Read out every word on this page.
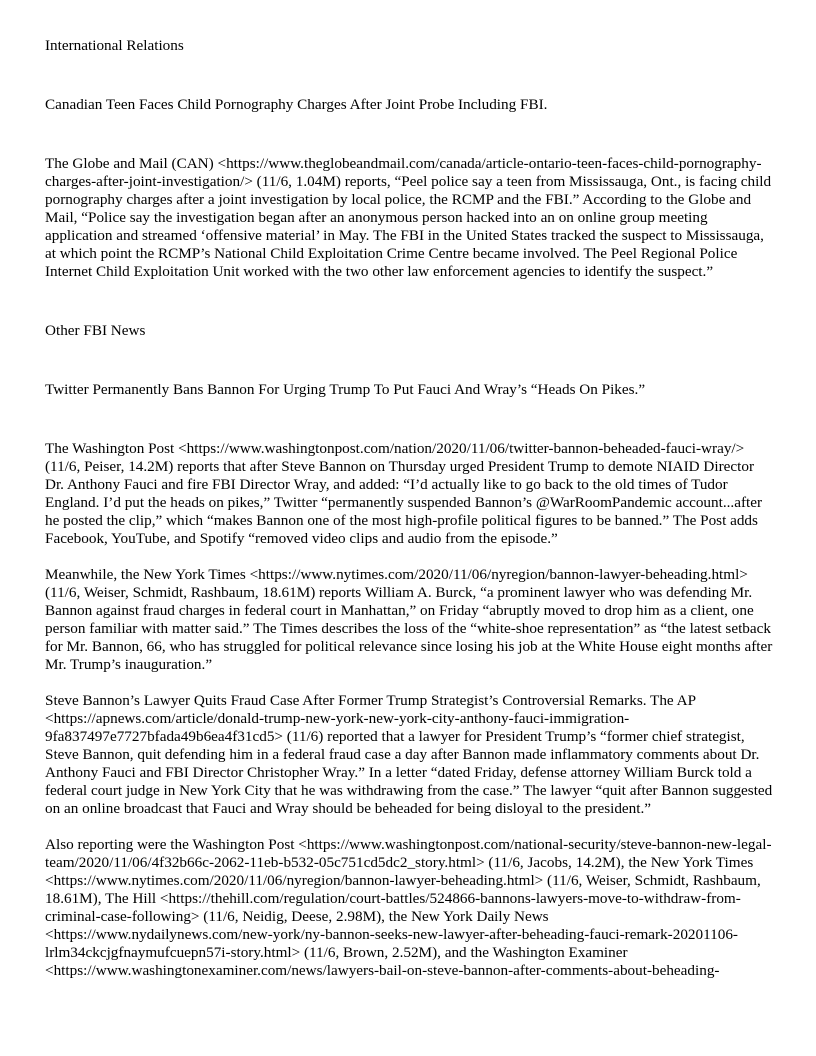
International Relations

Canadian Teen Faces Child Pornography Charges After Joint Probe Including FBI.

The Globe and Mail (CAN) <https://www.theglobeandmail.com/canada/article-ontario-teen-faces-child-pornography-charges-after-joint-investigation/> (11/6, 1.04M) reports, “Peel police say a teen from Mississauga, Ont., is facing child pornography charges after a joint investigation by local police, the RCMP and the FBI.” According to the Globe and Mail, “Police say the investigation began after an anonymous person hacked into an on online group meeting application and streamed ‘offensive material’ in May. The FBI in the United States tracked the suspect to Mississauga, at which point the RCMP’s National Child Exploitation Crime Centre became involved. The Peel Regional Police Internet Child Exploitation Unit worked with the two other law enforcement agencies to identify the suspect.”

Other FBI News

Twitter Permanently Bans Bannon For Urging Trump To Put Fauci And Wray’s “Heads On Pikes.”

The Washington Post <https://www.washingtonpost.com/nation/2020/11/06/twitter-bannon-beheaded-fauci-wray/> (11/6, Peiser, 14.2M) reports that after Steve Bannon on Thursday urged President Trump to demote NIAID Director Dr. Anthony Fauci and fire FBI Director Wray, and added: “I’d actually like to go back to the old times of Tudor England. I’d put the heads on pikes,” Twitter “permanently suspended Bannon’s @WarRoomPandemic account...after he posted the clip,” which “makes Bannon one of the most high-profile political figures to be banned.” The Post adds Facebook, YouTube, and Spotify “removed video clips and audio from the episode.”

Meanwhile, the New York Times <https://www.nytimes.com/2020/11/06/nyregion/bannon-lawyer-beheading.html> (11/6, Weiser, Schmidt, Rashbaum, 18.61M) reports William A. Burck, “a prominent lawyer who was defending Mr. Bannon against fraud charges in federal court in Manhattan,” on Friday “abruptly moved to drop him as a client, one person familiar with matter said.” The Times describes the loss of the “white-shoe representation” as “the latest setback for Mr. Bannon, 66, who has struggled for political relevance since losing his job at the White House eight months after Mr. Trump’s inauguration.”

Steve Bannon’s Lawyer Quits Fraud Case After Former Trump Strategist’s Controversial Remarks. The AP <https://apnews.com/article/donald-trump-new-york-new-york-city-anthony-fauci-immigration-9fa837497e7727bfada49b6ea4f31cd5> (11/6) reported that a lawyer for President Trump’s “former chief strategist, Steve Bannon, quit defending him in a federal fraud case a day after Bannon made inflammatory comments about Dr. Anthony Fauci and FBI Director Christopher Wray.” In a letter “dated Friday, defense attorney William Burck told a federal court judge in New York City that he was withdrawing from the case.” The lawyer “quit after Bannon suggested on an online broadcast that Fauci and Wray should be beheaded for being disloyal to the president.”

Also reporting were the Washington Post <https://www.washingtonpost.com/national-security/steve-bannon-new-legal-team/2020/11/06/4f32b66c-2062-11eb-b532-05c751cd5dc2_story.html> (11/6, Jacobs, 14.2M), the New York Times <https://www.nytimes.com/2020/11/06/nyregion/bannon-lawyer-beheading.html> (11/6, Weiser, Schmidt, Rashbaum, 18.61M), The Hill <https://thehill.com/regulation/court-battles/524866-bannons-lawyers-move-to-withdraw-from-criminal-case-following> (11/6, Neidig, Deese, 2.98M), the New York Daily News <https://www.nydailynews.com/new-york/ny-bannon-seeks-new-lawyer-after-beheading-fauci-remark-20201106-lrlm34ckcjgfnaymufcuepn57i-story.html> (11/6, Brown, 2.52M), and the Washington Examiner <https://www.washingtonexaminer.com/news/lawyers-bail-on-steve-bannon-after-comments-about-beheading-
